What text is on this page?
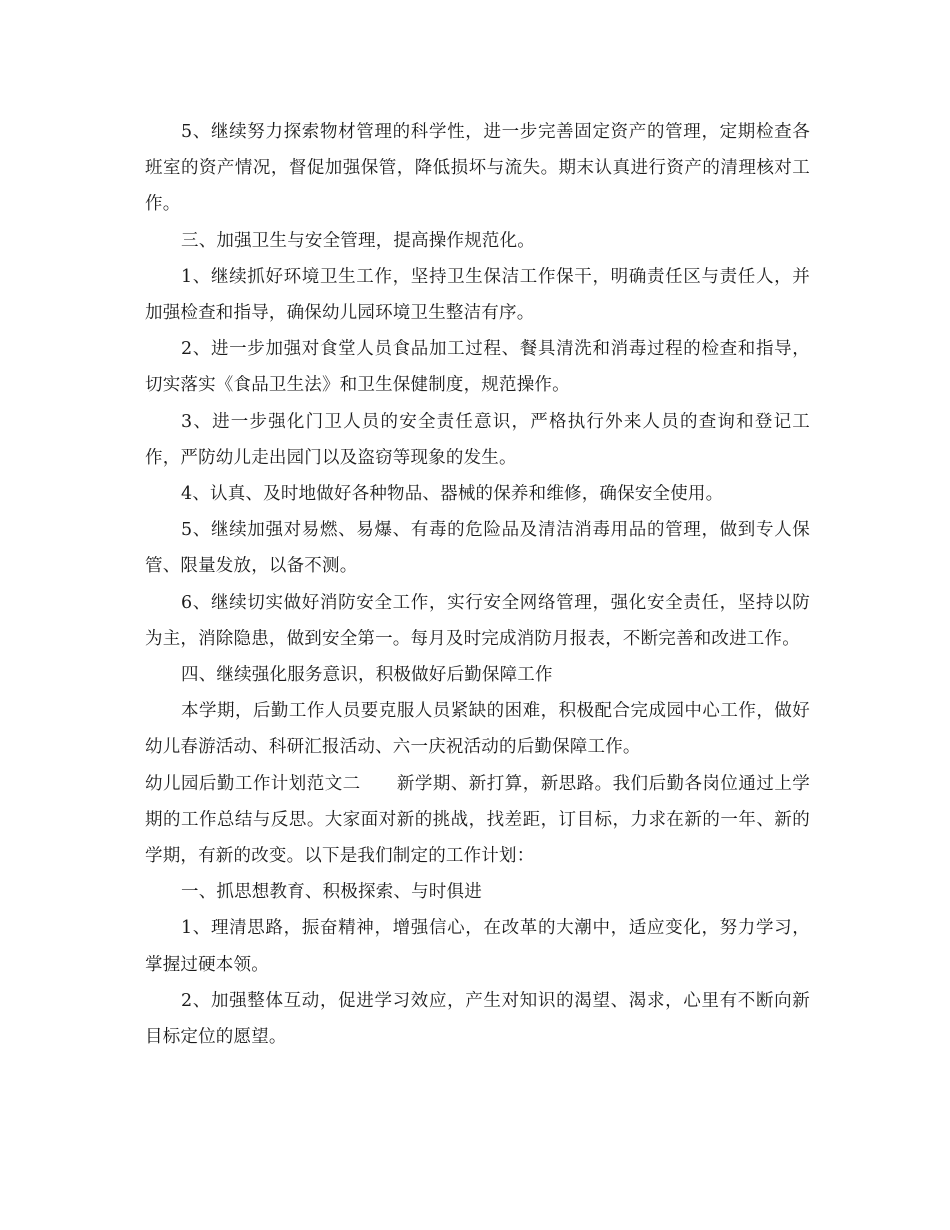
5、继续努力探索物材管理的科学性，进一步完善固定资产的管理，定期检查各班室的资产情况，督促加强保管，降低损坏与流失。期末认真进行资产的清理核对工作。

三、加强卫生与安全管理，提高操作规范化。

1、继续抓好环境卫生工作，坚持卫生保洁工作保干，明确责任区与责任人，并加强检查和指导，确保幼儿园环境卫生整洁有序。

2、进一步加强对食堂人员食品加工过程、餐具清洗和消毒过程的检查和指导，切实落实《食品卫生法》和卫生保健制度，规范操作。

3、进一步强化门卫人员的安全责任意识，严格执行外来人员的查询和登记工作，严防幼儿走出园门以及盗窃等现象的发生。

4、认真、及时地做好各种物品、器械的保养和维修，确保安全使用。

5、继续加强对易燃、易爆、有毒的危险品及清洁消毒用品的管理，做到专人保管、限量发放，以备不测。

6、继续切实做好消防安全工作，实行安全网络管理，强化安全责任，坚持以防为主，消除隐患，做到安全第一。每月及时完成消防月报表，不断完善和改进工作。

四、继续强化服务意识，积极做好后勤保障工作

本学期，后勤工作人员要克服人员紧缺的困难，积极配合完成园中心工作，做好幼儿春游活动、科研汇报活动、六一庆祝活动的后勤保障工作。

幼儿园后勤工作计划范文二 新学期、新打算，新思路。我们后勤各岗位通过上学期的工作总结与反思。大家面对新的挑战，找差距，订目标，力求在新的一年、新的学期，有新的改变。以下是我们制定的工作计划：

一、抓思想教育、积极探索、与时俱进

1、理清思路，振奋精神，增强信心，在改革的大潮中，适应变化，努力学习，掌握过硬本领。

2、加强整体互动，促进学习效应，产生对知识的渴望、渴求，心里有不断向新目标定位的愿望。
